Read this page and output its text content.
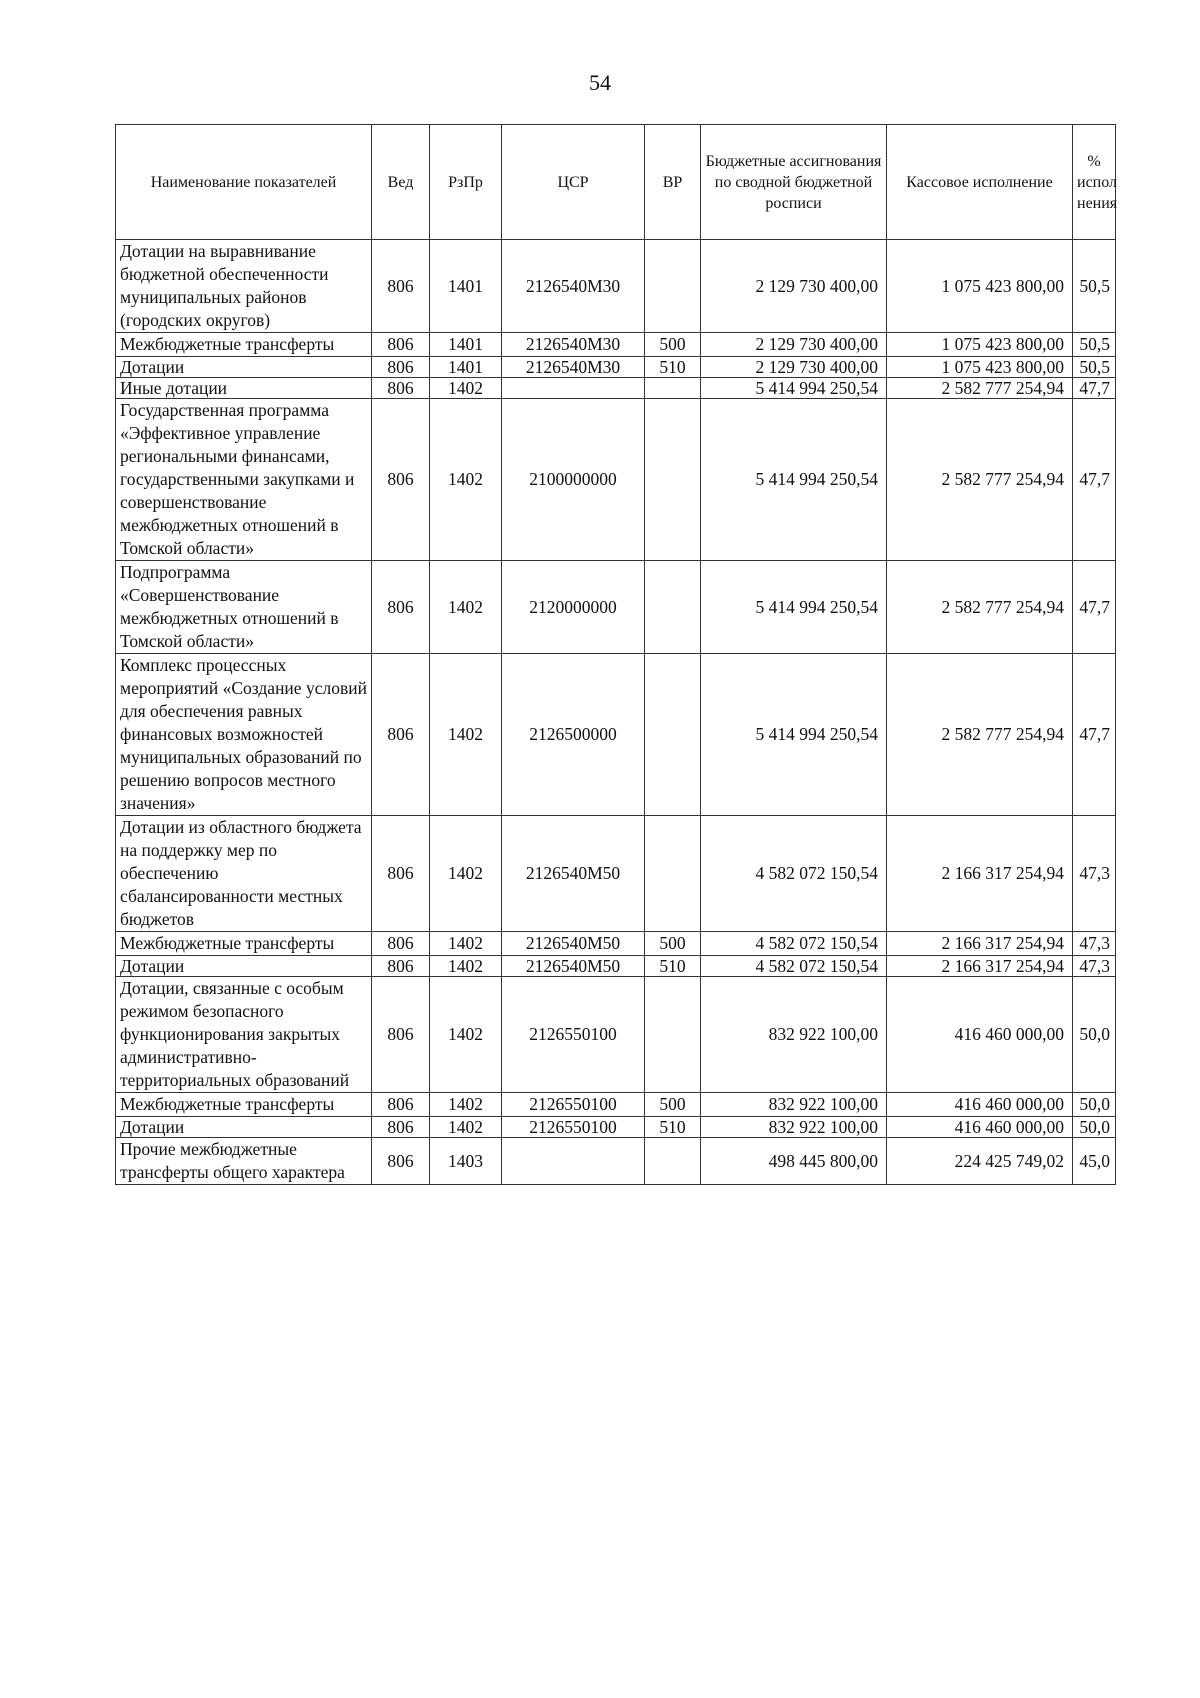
54
Наименование показателей	Вед	РзПр	ЦСР	ВР	Бюджетные ассигнования по сводной бюджетной росписи	Кассовое исполнение	% испол нения
Дотации на выравнивание бюджетной обеспеченности муниципальных районов (городских округов)	806	1401	2126540М30		2 129 730 400,00	1 075 423 800,00	50,5
Межбюджетные трансферты	806	1401	2126540М30	500	2 129 730 400,00	1 075 423 800,00	50,5
Дотации	806	1401	2126540М30	510	2 129 730 400,00	1 075 423 800,00	50,5
Иные дотации	806	1402			5 414 994 250,54	2 582 777 254,94	47,7
Государственная программа «Эффективное управление региональными финансами, государственными закупками и совершенствование межбюджетных отношений в Томской области»	806	1402	2100000000		5 414 994 250,54	2 582 777 254,94	47,7
Подпрограмма «Совершенствование межбюджетных отношений в Томской области»	806	1402	2120000000		5 414 994 250,54	2 582 777 254,94	47,7
Комплекс процессных мероприятий «Создание условий для обеспечения равных финансовых возможностей муниципальных образований по решению вопросов местного значения»	806	1402	2126500000		5 414 994 250,54	2 582 777 254,94	47,7
Дотации из областного бюджета на поддержку мер по обеспечению сбалансированности местных бюджетов	806	1402	2126540М50		4 582 072 150,54	2 166 317 254,94	47,3
Межбюджетные трансферты	806	1402	2126540М50	500	4 582 072 150,54	2 166 317 254,94	47,3
Дотации	806	1402	2126540М50	510	4 582 072 150,54	2 166 317 254,94	47,3
Дотации, связанные с особым режимом безопасного функционирования закрытых административно-территориальных образований	806	1402	2126550100		832 922 100,00	416 460 000,00	50,0
Межбюджетные трансферты	806	1402	2126550100	500	832 922 100,00	416 460 000,00	50,0
Дотации	806	1402	2126550100	510	832 922 100,00	416 460 000,00	50,0
Прочие межбюджетные трансферты общего характера	806	1403			498 445 800,00	224 425 749,02	45,0
